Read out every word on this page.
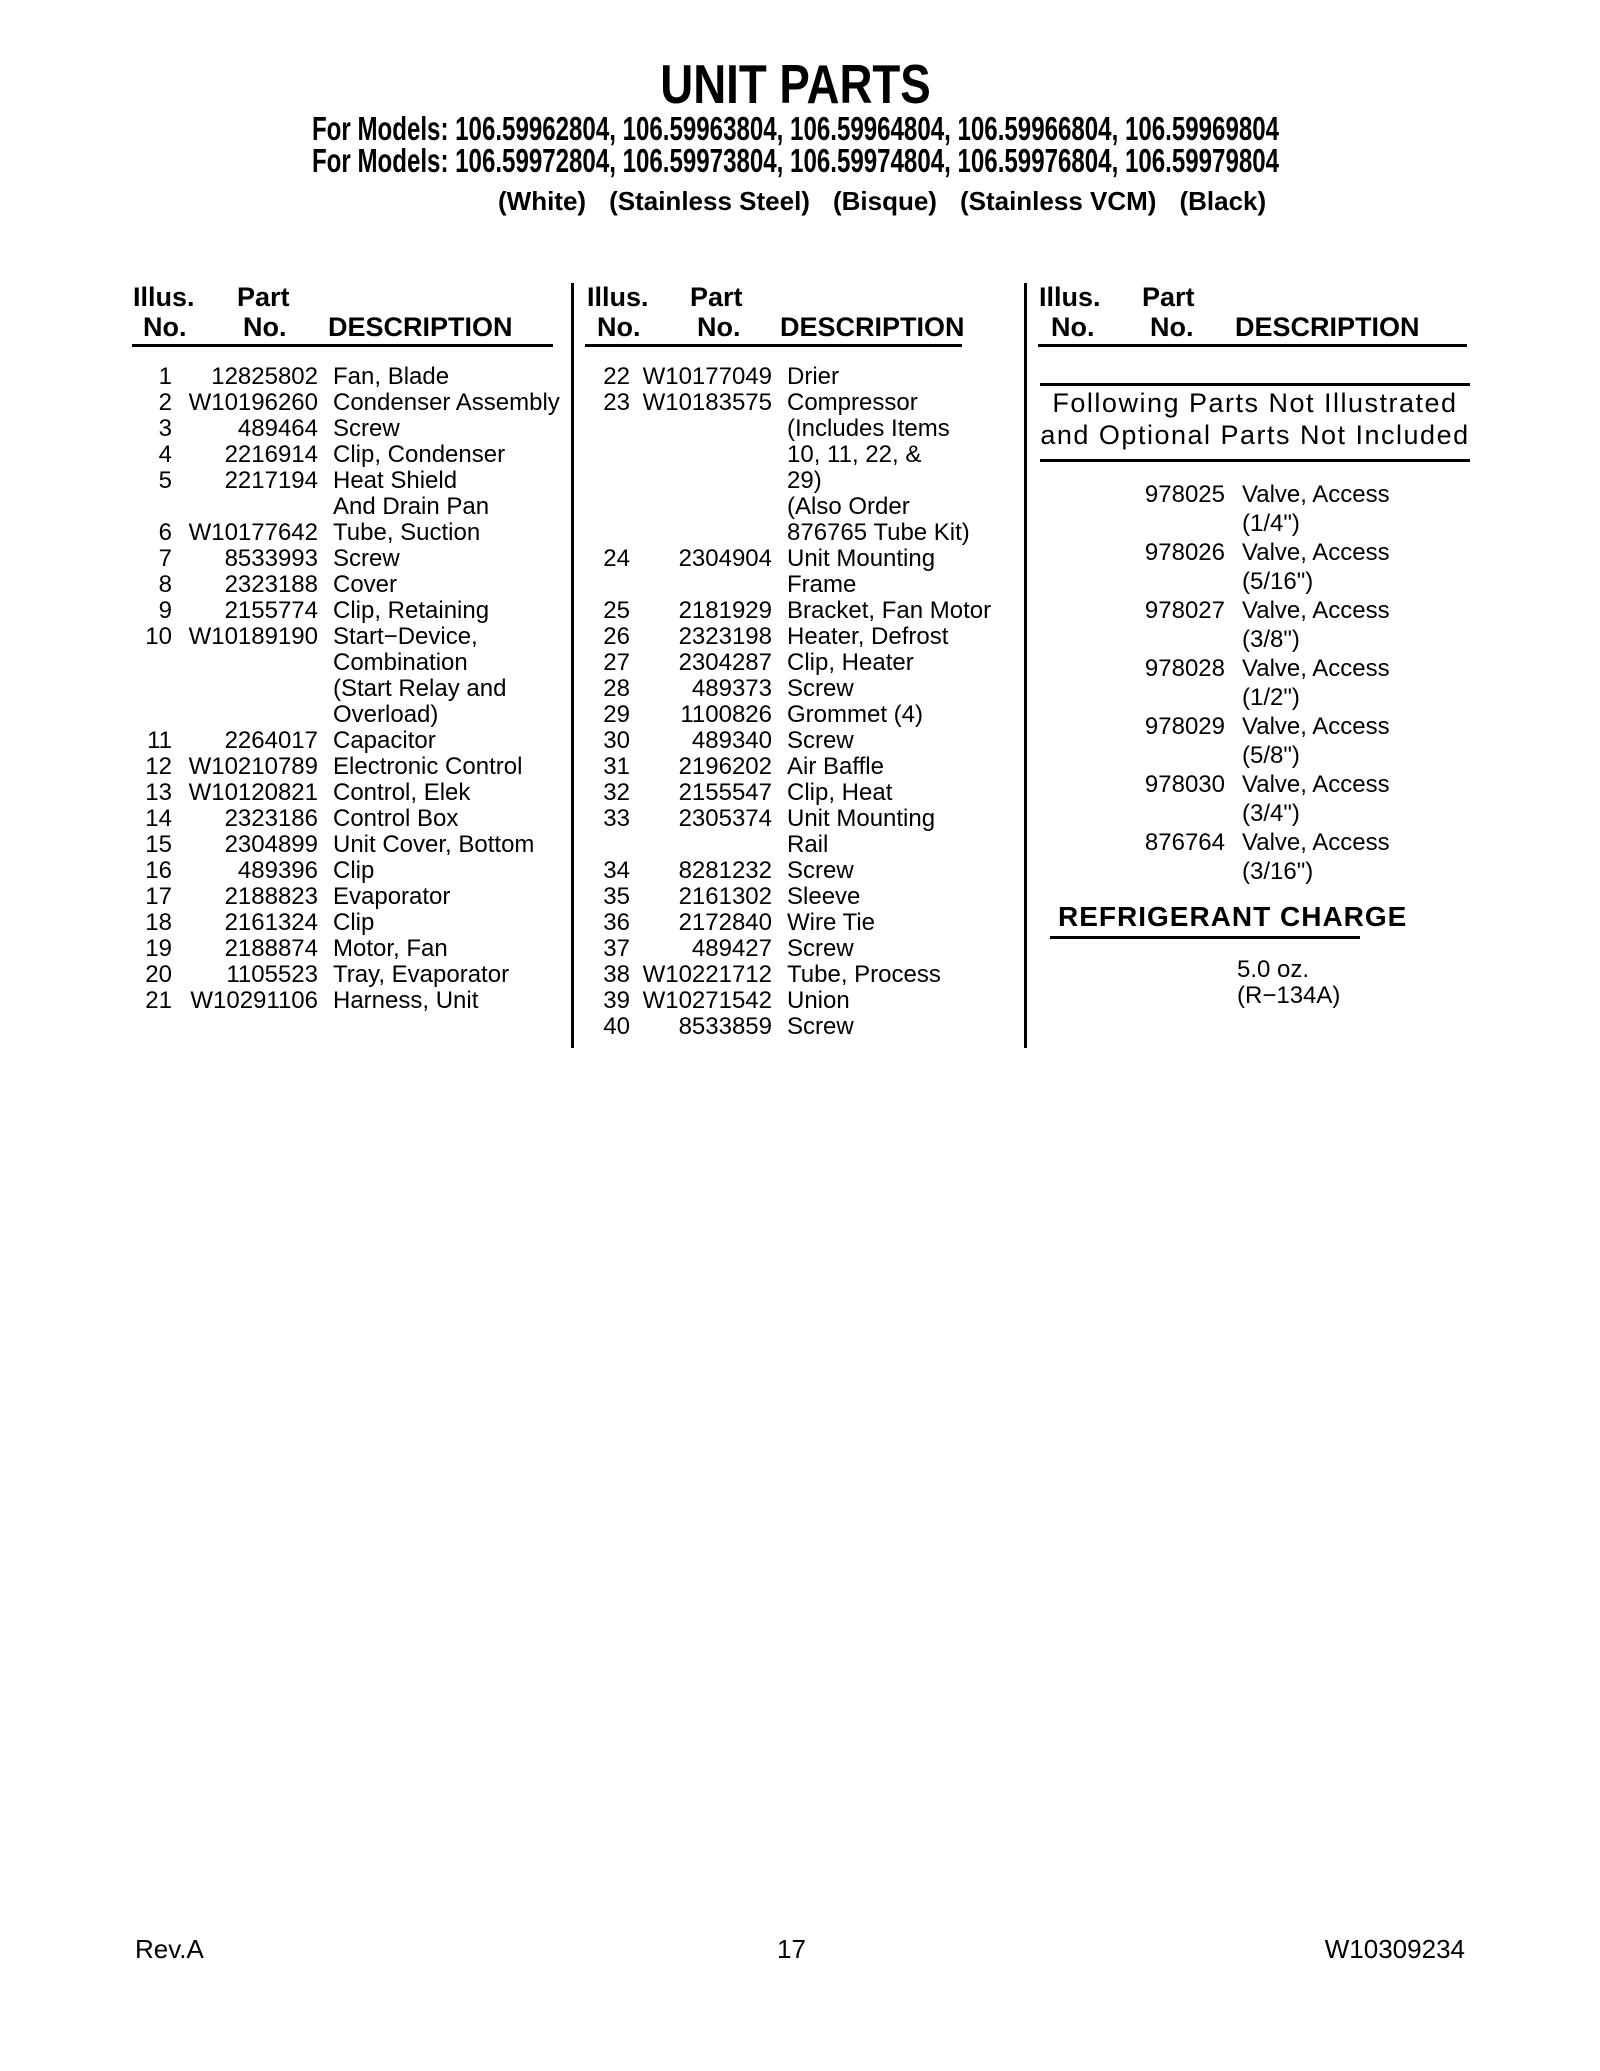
UNIT PARTS
For Models: 106.59962804, 106.59963804, 106.59964804, 106.59966804, 106.59969804
For Models: 106.59972804, 106.59973804, 106.59974804, 106.59976804, 106.59979804
(White) (Stainless Steel) (Bisque) (Stainless VCM) (Black)
Illus. Part
No. No. DESCRIPTION
Illus. Part
No. No. DESCRIPTION
Illus. Part
No. No. DESCRIPTION
1	12825802 Fan, Blade
2 W10196260 Condenser Assembly
3	489464 Screw
4	2216914 Clip, Condenser
5	2217194 Heat Shield
And Drain Pan
6 W10177642 Tube, Suction
7	8533993 Screw
8	2323188 Cover
9	2155774 Clip, Retaining
10 W10189190 Start−Device,
Combination
(Start Relay and
Overload)
11	2264017 Capacitor
12 W10210789 Electronic Control
13 W10120821 Control, Elek
14	2323186 Control Box
15	2304899 Unit Cover, Bottom
16	489396 Clip
17	2188823 Evaporator
18	2161324 Clip
19	2188874 Motor, Fan
20	1105523 Tray, Evaporator
21 W10291106 Harness, Unit
22 W10177049 Drier
23 W10183575 Compressor
(Includes Items
10, 11, 22, &
29)
(Also Order
876765 Tube Kit)
24	2304904 Unit Mounting
Frame
25	2181929 Bracket, Fan Motor
26	2323198 Heater, Defrost
27	2304287 Clip, Heater
28	489373 Screw
29	1100826 Grommet (4)
30	489340 Screw
31	2196202 Air Baffle
32	2155547 Clip, Heat
33	2305374 Unit Mounting
Rail
34	8281232 Screw
35	2161302 Sleeve
36	2172840 Wire Tie
37	489427 Screw
38 W10221712 Tube, Process
39 W10271542 Union
40	8533859 Screw
Following Parts Not Illustrated
and Optional Parts Not Included
978025 Valve, Access
(1/4")
978026 Valve, Access
(5/16")
978027 Valve, Access
(3/8")
978028 Valve, Access
(1/2")
978029 Valve, Access
(5/8")
978030 Valve, Access
(3/4")
876764 Valve, Access
(3/16")
REFRIGERANT CHARGE
5.0 oz.
(R−134A)
Rev.A	17	W10309234
